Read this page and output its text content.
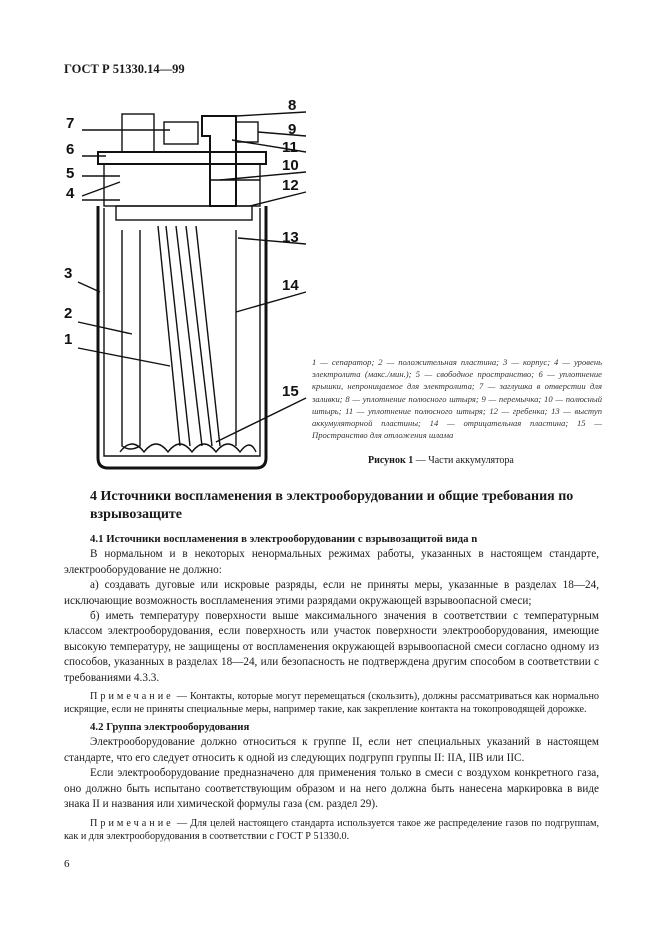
ГОСТ Р 51330.14—99
7
6
5
4
3
2
1
8
9
11
10
12
13
14
15
1 — сепаратор; 2 — положительная пластина; 3 — корпус; 4 — уровень электролита (макс./мин.); 5 — свободное пространство; 6 — уплотнение крышки, непроницаемое для электролита; 7 — заглушка в отверстии для заливки; 8 — уплотнение полюсного штыря; 9 — перемычка; 10 — полюсный штырь; 11 — уплотнение полюсного штыря; 12 — гребенка; 13 — выступ аккумуляторной пластины; 14 — отрицательная пластина; 15 — Пространство для отложения шлама
Рисунок 1 — Части аккумулятора
4 Источники воспламенения в электрооборудовании и общие требования по взрывозащите

4.1 Источники воспламенения в электрооборудовании с взрывозащитой вида n

В нормальном и в некоторых ненормальных режимах работы, указанных в настоящем стандарте, электрооборудование не должно:

а) создавать дуговые или искровые разряды, если не приняты меры, указанные в разделах 18—24, исключающие возможность воспламенения этими разрядами окружающей взрывоопасной смеси;

б) иметь температуру поверхности выше максимального значения в соответствии с температурным классом электрооборудования, если поверхность или участок поверхности электрооборудования, имеющие высокую температуру, не защищены от воспламенения окружающей взрывоопасной смеси согласно одному из способов, указанных в разделах 18—24, или безопасность не подтверждена другим способом в соответствии с требованиями 4.3.3.

Примечание — Контакты, которые могут перемещаться (скользить), должны рассматриваться как нормально искрящие, если не приняты специальные меры, например такие, как закрепление контакта на токопроводящей дорожке.

4.2 Группа электрооборудования

Электрооборудование должно относиться к группе II, если нет специальных указаний в настоящем стандарте, что его следует относить к одной из следующих подгрупп группы II: IIA, IIB или IIC.

Если электрооборудование предназначено для применения только в смеси с воздухом конкретного газа, оно должно быть испытано соответствующим образом и на него должна быть нанесена маркировка в виде знака II и названия или химической формулы газа (см. раздел 29).

Примечание — Для целей настоящего стандарта используется такое же распределение газов по подгруппам, как и для электрооборудования в соответствии с ГОСТ Р 51330.0.

6
